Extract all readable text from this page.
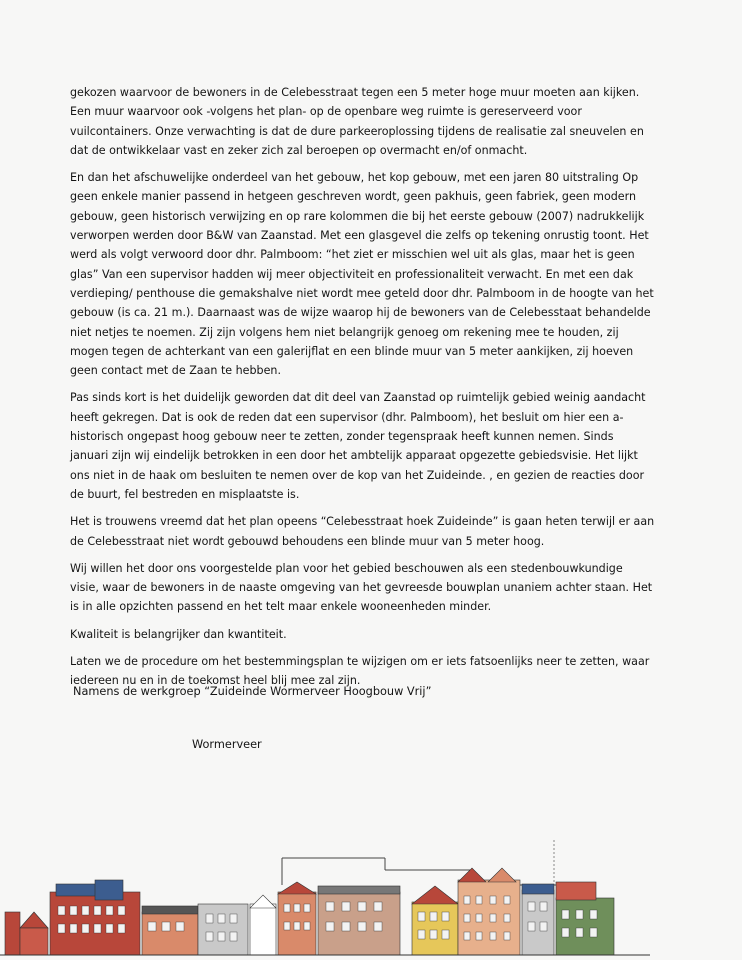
gekozen waarvoor de bewoners in de Celebesstraat tegen een 5 meter hoge muur moeten aan kijken. Een muur waarvoor ook -volgens het plan- op de openbare weg ruimte is gereserveerd voor vuilcontainers. Onze verwachting is dat de dure parkeeroplossing tijdens de realisatie zal sneuvelen en dat de ontwikkelaar vast en zeker zich zal beroepen op overmacht en/of onmacht.

En dan het afschuwelijke onderdeel van het gebouw, het kop gebouw, met een jaren 80 uitstraling Op geen enkele manier passend in hetgeen geschreven wordt, geen pakhuis, geen fabriek, geen modern gebouw, geen historisch verwijzing en op rare kolommen die bij het eerste gebouw (2007) nadrukkelijk verworpen werden door B&W van Zaanstad. Met een glasgevel die zelfs op tekening onrustig toont. Het werd als volgt verwoord door dhr. Palmboom: “het ziet er misschien wel uit als glas, maar het is geen glas” Van een supervisor hadden wij meer objectiviteit en professionaliteit verwacht. En met een dak verdieping/ penthouse die gemakshalve niet wordt mee geteld door dhr. Palmboom in de hoogte van het gebouw (is ca. 21 m.). Daarnaast was de wijze waarop hij de bewoners van de Celebesstaat behandelde niet netjes te noemen. Zij zijn volgens hem niet belangrijk genoeg om rekening mee te houden, zij mogen tegen de achterkant van een galerijflat en een blinde muur van 5 meter aankijken, zij hoeven geen contact met de Zaan te hebben.

Pas sinds kort is het duidelijk geworden dat dit deel van Zaanstad op ruimtelijk gebied weinig aandacht heeft gekregen. Dat is ook de reden dat een supervisor (dhr. Palmboom), het besluit om hier een a-historisch ongepast hoog gebouw neer te zetten, zonder tegenspraak heeft kunnen nemen. Sinds januari zijn wij eindelijk betrokken in een door het ambtelijk apparaat opgezette gebiedsvisie. Het lijkt ons niet in de haak om besluiten te nemen over de kop van het Zuideinde. , en gezien de reacties door de buurt, fel bestreden en misplaatste is.

Het is trouwens vreemd dat het plan opeens “Celebesstraat hoek Zuideinde” is gaan heten terwijl er aan de Celebesstraat niet wordt gebouwd behoudens een blinde muur van 5 meter hoog.

Wij willen het door ons voorgestelde plan voor het gebied beschouwen als een stedenbouwkundige visie, waar de bewoners in de naaste omgeving van het gevreesde bouwplan unaniem achter staan. Het is in alle opzichten passend en het telt maar enkele wooneenheden minder.

Kwaliteit is belangrijker dan kwantiteit.

Laten we de procedure om het bestemmingsplan te wijzigen om er iets fatsoenlijks neer te zetten, waar iedereen nu en in de toekomst heel blij mee zal zijn.

Namens de werkgroep “Zuideinde Wormerveer Hoogbouw Vrij”
Wormerveer
